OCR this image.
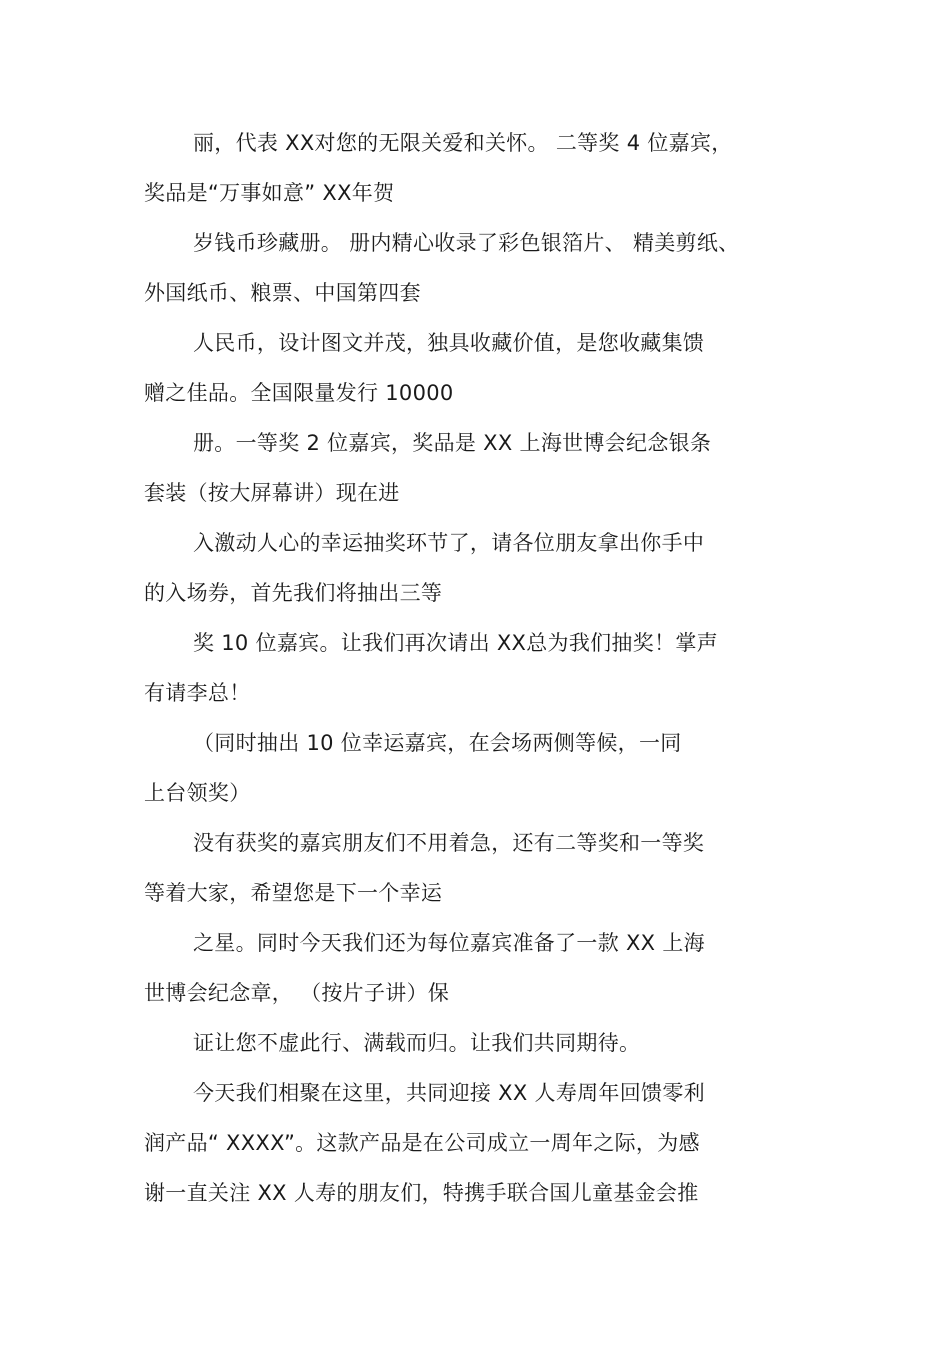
丽，代表 XX对您的无限关爱和关怀。 二等奖 4 位嘉宾，
奖品是“万事如意” XX年贺
岁钱币珍藏册。 册内精心收录了彩色银箔片、 精美剪纸、
外国纸币、粮票、中国第四套
人民币，设计图文并茂，独具收藏价值，是您收藏集馈
赠之佳品。全国限量发行 10000
册。一等奖 2 位嘉宾，奖品是 XX 上海世博会纪念银条
套装（按大屏幕讲）现在进
入激动人心的幸运抽奖环节了，请各位朋友拿出你手中
的入场券，首先我们将抽出三等
奖 10 位嘉宾。让我们再次请出 XX总为我们抽奖！掌声
有请李总！
（同时抽出 10 位幸运嘉宾，在会场两侧等候，一同
上台领奖）
没有获奖的嘉宾朋友们不用着急，还有二等奖和一等奖
等着大家，希望您是下一个幸运
之星。同时今天我们还为每位嘉宾准备了一款 XX 上海
世博会纪念章， （按片子讲）保
证让您不虚此行、满载而归。让我们共同期待。
今天我们相聚在这里，共同迎接 XX 人寿周年回馈零利
润产品“ XXXX”。这款产品是在公司成立一周年之际，为感
谢一直关注 XX 人寿的朋友们，特携手联合国儿童基金会推
